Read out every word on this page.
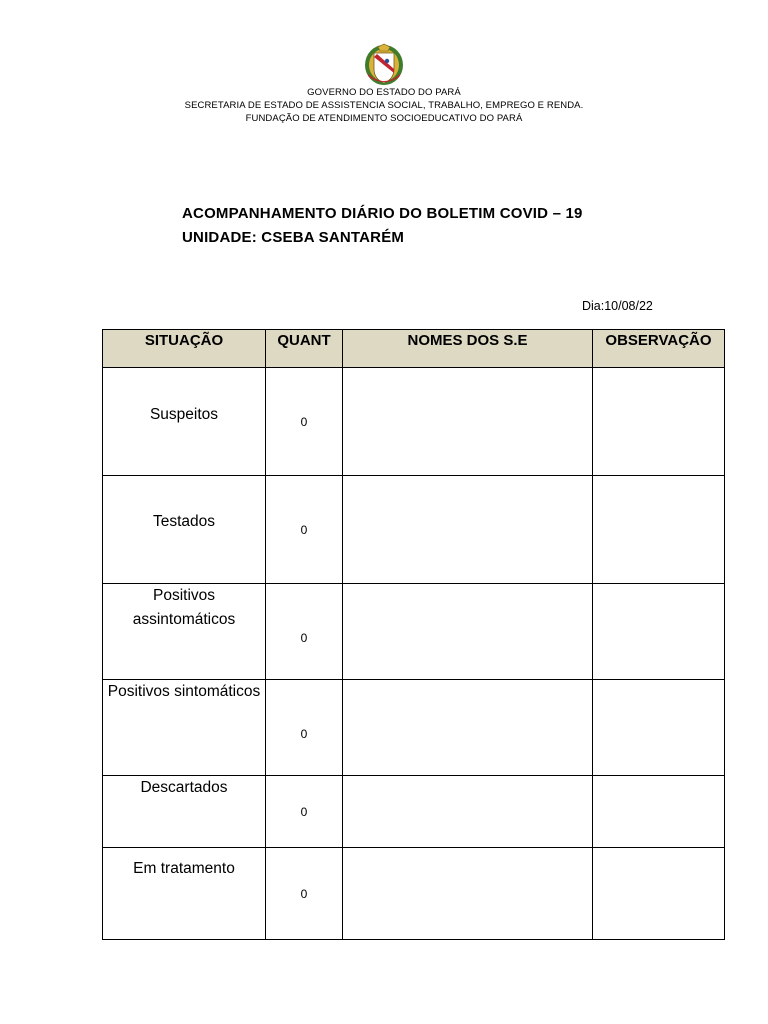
GOVERNO DO ESTADO DO PARÁ
SECRETARIA DE ESTADO DE ASSISTENCIA SOCIAL, TRABALHO, EMPREGO E RENDA.
FUNDAÇÃO DE ATENDIMENTO SOCIOEDUCATIVO DO PARÁ
ACOMPANHAMENTO DIÁRIO DO BOLETIM COVID – 19
UNIDADE: CSEBA SANTARÉM
Dia:10/08/22
SITUAÇÃO	QUANT	NOMES DOS S.E	OBSERVAÇÃO
Suspeitos	0		
Testados	0		
Positivos assintomáticos	0		
Positivos sintomáticos	0		
Descartados	0		
Em tratamento	0		
